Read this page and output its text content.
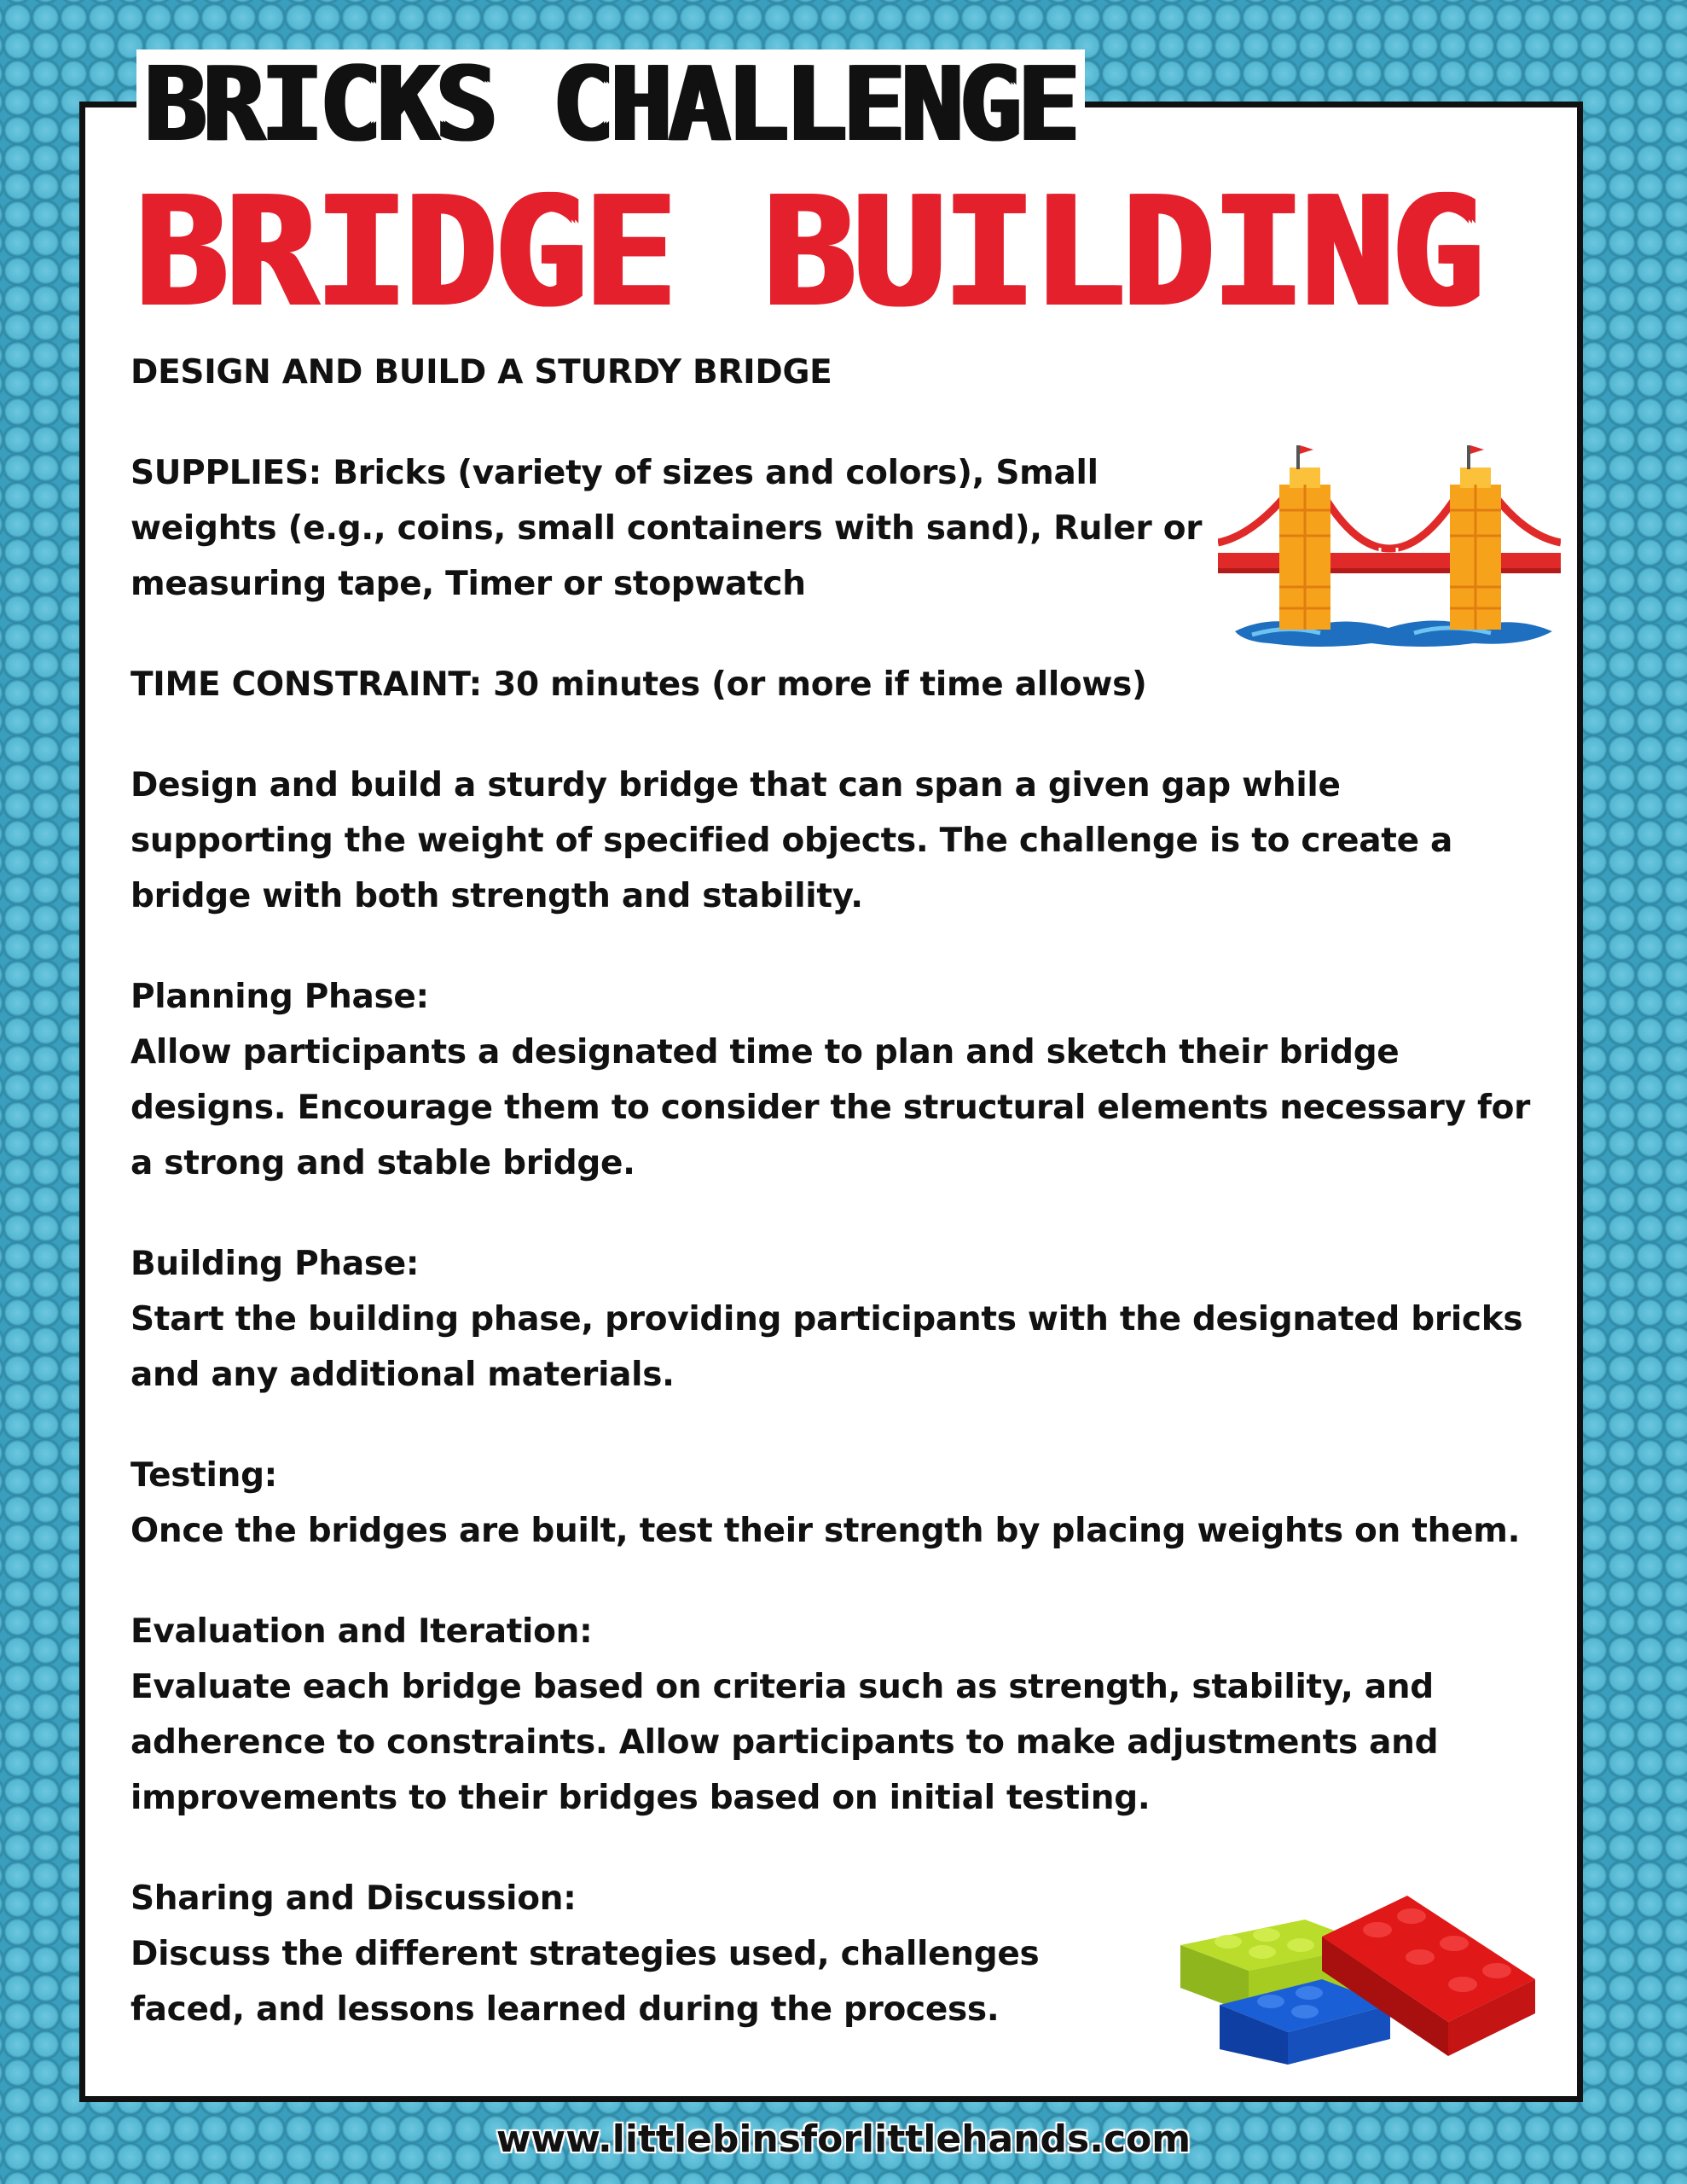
BRICKS CHALLENGE
BRIDGE BUILDING

DESIGN AND BUILD A STURDY BRIDGE

SUPPLIES: Bricks (variety of sizes and colors), Small weights (e.g., coins, small containers with sand), Ruler or measuring tape, Timer or stopwatch

TIME CONSTRAINT: 30 minutes (or more if time allows)

Design and build a sturdy bridge that can span a given gap while supporting the weight of specified objects. The challenge is to create a bridge with both strength and stability.

Planning Phase:
Allow participants a designated time to plan and sketch their bridge designs. Encourage them to consider the structural elements necessary for a strong and stable bridge.

Building Phase:
Start the building phase, providing participants with the designated bricks and any additional materials.

Testing:
Once the bridges are built, test their strength by placing weights on them.

Evaluation and Iteration:
Evaluate each bridge based on criteria such as strength, stability, and adherence to constraints. Allow participants to make adjustments and improvements to their bridges based on initial testing.

Sharing and Discussion:
Discuss the different strategies used, challenges faced, and lessons learned during the process.

www.littlebinsforlittlehands.com
